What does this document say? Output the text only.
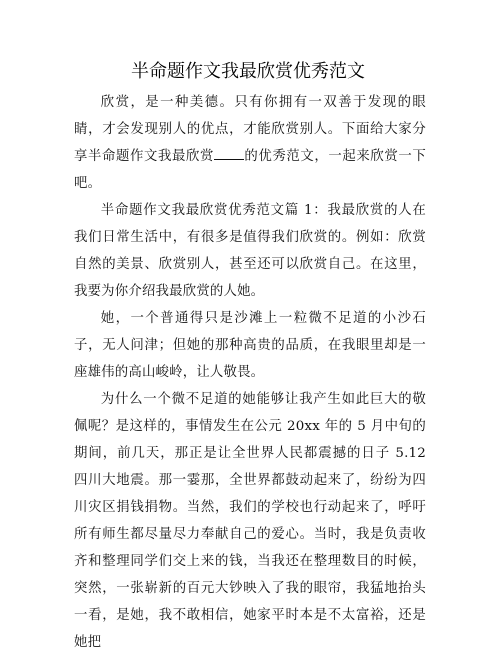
半命题作文我最欣赏优秀范文

欣赏，是一种美德。只有你拥有一双善于发现的眼睛，才会发现别人的优点，才能欣赏别人。下面给大家分享半命题作文我最欣赏 的优秀范文，一起来欣赏一下吧。

半命题作文我最欣赏优秀范文篇 1：我最欣赏的人在我们日常生活中，有很多是值得我们欣赏的。例如：欣赏自然的美景、欣赏别人，甚至还可以欣赏自己。在这里，我要为你介绍我最欣赏的人她。

她，一个普通得只是沙滩上一粒微不足道的小沙石子，无人问津；但她的那种高贵的品质，在我眼里却是一座雄伟的高山峻岭，让人敬畏。

为什么一个微不足道的她能够让我产生如此巨大的敬佩呢？是这样的，事情发生在公元 20xx 年的 5 月中旬的期间，前几天，那正是让全世界人民都震撼的日子 5.12 四川大地震。那一霎那，全世界都鼓动起来了，纷纷为四川灾区捐钱捐物。当然，我们的学校也行动起来了，呼吁所有师生都尽量尽力奉献自己的爱心。当时，我是负责收齐和整理同学们交上来的钱，当我还在整理数目的时候，突然，一张崭新的百元大钞映入了我的眼帘，我猛地抬头一看，是她，我不敢相信，她家平时本是不太富裕，还是她把
